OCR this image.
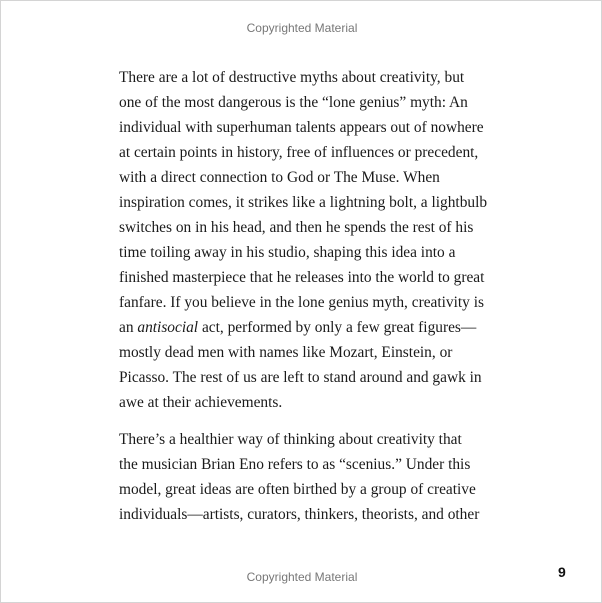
Copyrighted Material

There are a lot of destructive myths about creativity, but
one of the most dangerous is the “lone genius” myth: An
individual with superhuman talents appears out of nowhere
at certain points in history, free of influences or precedent,
with a direct connection to God or The Muse. When
inspiration comes, it strikes like a lightning bolt, a lightbulb
switches on in his head, and then he spends the rest of his
time toiling away in his studio, shaping this idea into a
finished masterpiece that he releases into the world to great
fanfare. If you believe in the lone genius myth, creativity is
an antisocial act, performed by only a few great figures—
mostly dead men with names like Mozart, Einstein, or
Picasso. The rest of us are left to stand around and gawk in
awe at their achievements.

There’s a healthier way of thinking about creativity that
the musician Brian Eno refers to as “scenius.” Under this
model, great ideas are often birthed by a group of creative
individuals—artists, curators, thinkers, theorists, and other

Copyrighted Material	9
